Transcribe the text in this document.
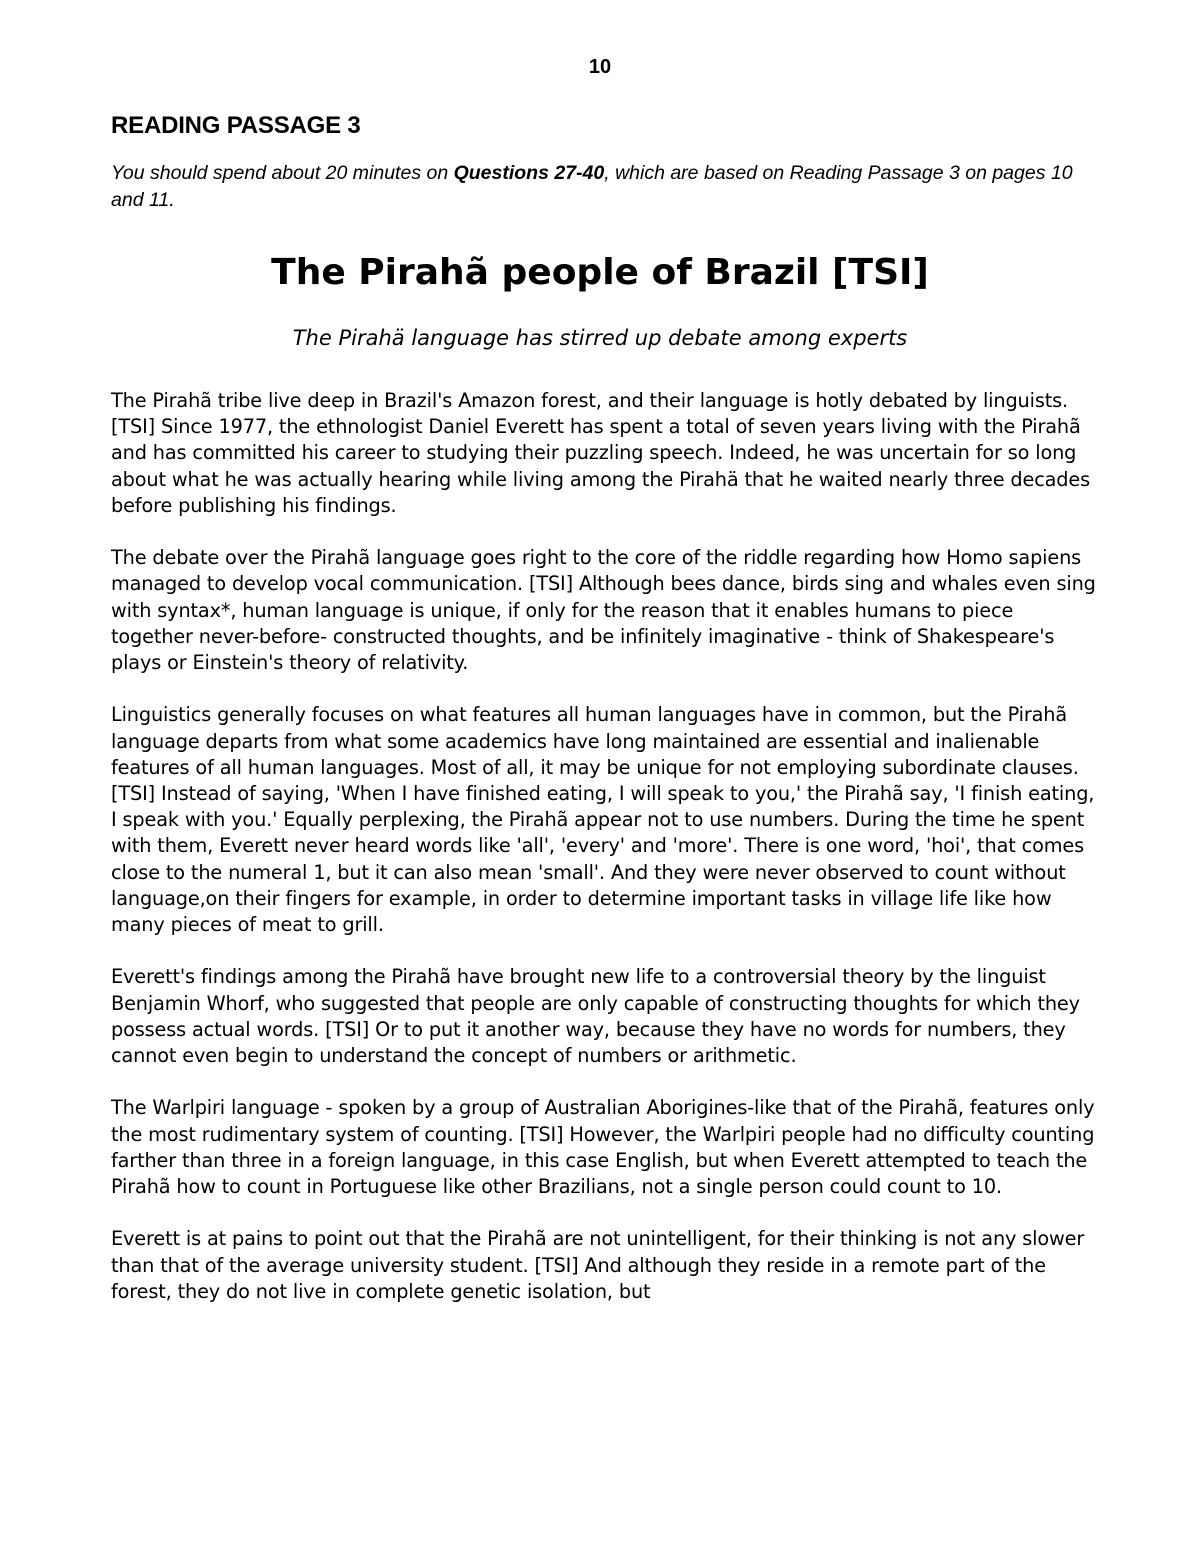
10
READING PASSAGE 3
You should spend about 20 minutes on Questions 27-40, which are based on Reading Passage 3 on pages 10 and 11.
The Pirahã people of Brazil [TSI]
The Pirahä language has stirred up debate among experts

The Pirahã tribe live deep in Brazil's Amazon forest, and their language is hotly debated by linguists. [TSI] Since 1977, the ethnologist Daniel Everett has spent a total of seven years living with the Pirahã and has committed his career to studying their puzzling speech. Indeed, he was uncertain for so long about what he was actually hearing while living among the Pirahä that he waited nearly three decades before publishing his findings.

The debate over the Pirahã language goes right to the core of the riddle regarding how Homo sapiens managed to develop vocal communication. [TSI] Although bees dance, birds sing and whales even sing with syntax*, human language is unique, if only for the reason that it enables humans to piece together never-before- constructed thoughts, and be infinitely imaginative - think of Shakespeare's plays or Einstein's theory of relativity.

Linguistics generally focuses on what features all human languages have in common, but the Pirahã language departs from what some academics have long maintained are essential and inalienable features of all human languages. Most of all, it may be unique for not employing subordinate clauses. [TSI] Instead of saying, 'When I have finished eating, I will speak to you,' the Pirahã say, 'I finish eating, I speak with you.' Equally perplexing, the Pirahã appear not to use numbers. During the time he spent with them, Everett never heard words like 'all', 'every' and 'more'. There is one word, 'hoi', that comes close to the numeral 1, but it can also mean 'small'. And they were never observed to count without language,on their fingers for example, in order to determine important tasks in village life like how many pieces of meat to grill.

Everett's findings among the Pirahã have brought new life to a controversial theory by the linguist Benjamin Whorf, who suggested that people are only capable of constructing thoughts for which they possess actual words. [TSI] Or to put it another way, because they have no words for numbers, they cannot even begin to understand the concept of numbers or arithmetic.

The Warlpiri language - spoken by a group of Australian Aborigines-like that of the Pirahã, features only the most rudimentary system of counting. [TSI] However, the Warlpiri people had no difficulty counting farther than three in a foreign language, in this case English, but when Everett attempted to teach the Pirahã how to count in Portuguese like other Brazilians, not a single person could count to 10.

Everett is at pains to point out that the Pirahã are not unintelligent, for their thinking is not any slower than that of the average university student. [TSI] And although they reside in a remote part of the forest, they do not live in complete genetic isolation, but
